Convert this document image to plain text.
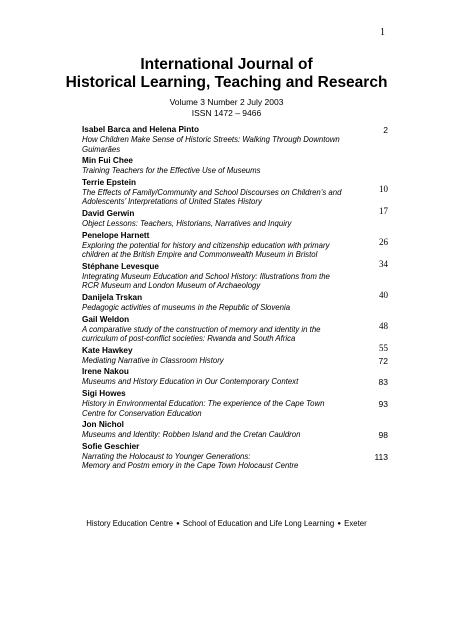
1
International Journal of
Historical Learning, Teaching and Research
Volume 3 Number 2 July 2003
ISSN 1472 – 9466
Isabel Barca and Helena Pinto
How Children Make Sense of Historic Streets: Walking Through Downtown
Guimarães
2
Min Fui Chee
Training Teachers for the Effective Use of Museums
10
Terrie Epstein
The Effects of Family/Community and School Discourses on Children’s and
Adolescents’ Interpretations of United States History
17
David Gerwin
Object Lessons: Teachers, Historians, Narratives and Inquiry
26
Penelope Harnett
Exploring the potential for history and citizenship education with primary
children at the British Empire and Commonwealth Museum in Bristol
34
Stéphane Levesque
Integrating Museum Education and School History: Illustrations from the
RCR Museum and London Museum of Archaeology
40
Danijela Trskan
Pedagogic activities of museums in the Republic of Slovenia
48
Gail Weldon
A comparative study of the construction of memory and identity in the
curriculum of post-conflict societies: Rwanda and South Africa
55
Kate Hawkey
Mediating Narrative in Classroom History	72
Irene Nakou
Museums and History Education in Our Contemporary Context	83
Sigi Howes
History in Environmental Education: The experience of the Cape Town
Centre for Conservation Education
93
Jon Nichol
Museums and Identity: Robben Island and the Cretan Cauldron	98
Sofie Geschier
Narrating the Holocaust to Younger Generations:
Memory and Postm emory in the Cape Town Holocaust Centre
113
History Education Centre ● School of Education and Life Long Learning ● Exeter
